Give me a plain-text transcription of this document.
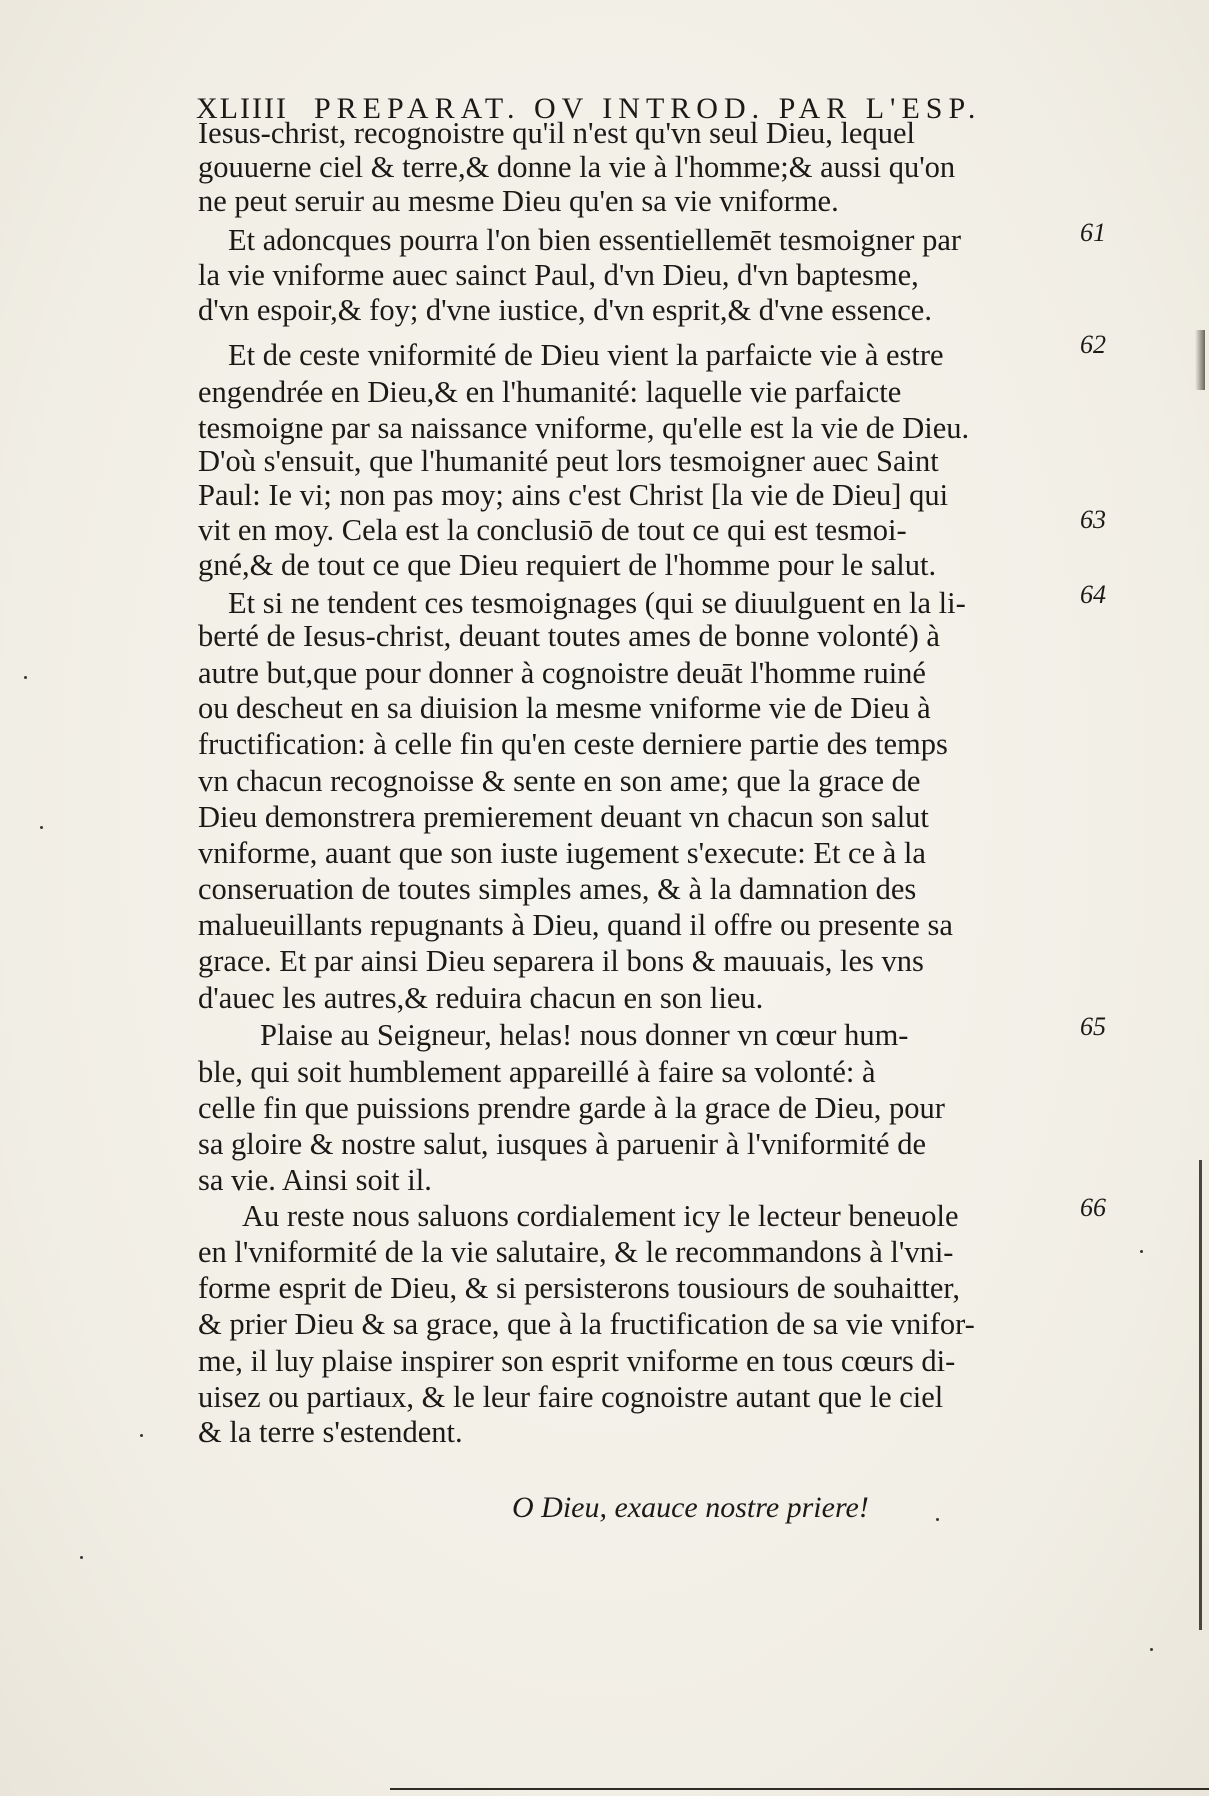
XLIIII PREPARAT. OV INTROD. PAR L'ESP.
Iesus-christ, recognoistre qu'il n'est qu'vn seul Dieu, lequel
gouuerne ciel & terre,& donne la vie à l'homme;& aussi qu'on
ne peut seruir au mesme Dieu qu'en sa vie vniforme.
Et adoncques pourra l'on bien essentiellemēt tesmoigner par
la vie vniforme auec sainct Paul, d'vn Dieu, d'vn baptesme,
d'vn espoir,& foy; d'vne iustice, d'vn esprit,& d'vne essence.
Et de ceste vniformité de Dieu vient la parfaicte vie à estre
engendrée en Dieu,& en l'humanité: laquelle vie parfaicte
tesmoigne par sa naissance vniforme, qu'elle est la vie de Dieu.
D'où s'ensuit, que l'humanité peut lors tesmoigner auec Saint
Paul: Ie vi; non pas moy; ains c'est Christ [la vie de Dieu] qui
vit en moy. Cela est la conclusiō de tout ce qui est tesmoi-
gné,& de tout ce que Dieu requiert de l'homme pour le salut.
Et si ne tendent ces tesmoignages (qui se diuulguent en la li-
berté de Iesus-christ, deuant toutes ames de bonne volonté) à
autre but,que pour donner à cognoistre deuāt l'homme ruiné
ou descheut en sa diuision la mesme vniforme vie de Dieu à
fructification: à celle fin qu'en ceste derniere partie des temps
vn chacun recognoisse & sente en son ame; que la grace de
Dieu demonstrera premierement deuant vn chacun son salut
vniforme, auant que son iuste iugement s'execute: Et ce à la
conseruation de toutes simples ames, & à la damnation des
malueuillants repugnants à Dieu, quand il offre ou presente sa
grace. Et par ainsi Dieu separera il bons & mauuais, les vns
d'auec les autres,& reduira chacun en son lieu.
Plaise au Seigneur, helas! nous donner vn cœur hum-
ble, qui soit humblement appareillé à faire sa volonté: à
celle fin que puissions prendre garde à la grace de Dieu, pour
sa gloire & nostre salut, iusques à paruenir à l'vniformité de
sa vie. Ainsi soit il.
Au reste nous saluons cordialement icy le lecteur beneuole
en l'vniformité de la vie salutaire, & le recommandons à l'vni-
forme esprit de Dieu, & si persisterons tousiours de souhaitter,
& prier Dieu & sa grace, que à la fructification de sa vie vnifor-
me, il luy plaise inspirer son esprit vniforme en tous cœurs di-
uisez ou partiaux, & le leur faire cognoistre autant que le ciel
& la terre s'estendent.
61
62
63
64
65
66
O Dieu, exauce nostre priere!
